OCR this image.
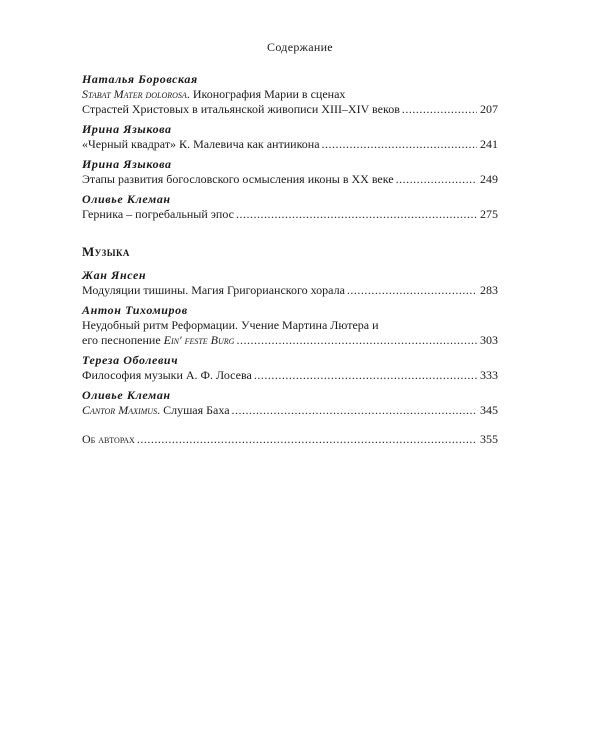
Содержание
Наталья Боровская
Stabat Mater dolorosa. Иконография Марии в сценах
Страстей Христовых в итальянской живописи XIII–XIV веков .....	207
Ирина Языкова
«Черный квадрат» К. Малевича как антиикона .....	241
Ирина Языкова
Этапы развития богословского осмысления иконы в XX веке .....	249
Оливье Клеман
Герника – погребальный эпос .....	275
Музыка
Жан Янсен
Модуляции тишины. Магия Григорианского хорала .....	283
Антон Тихомиров
Неудобный ритм Реформации. Учение Мартина Лютера и
его песнопение Ein' feste Burg .....	303
Тереза Оболевич
Философия музыки А. Ф. Лосева .....	333
Оливье Клеман
Cantor Maximus. Слушая Баха .....	345
Об авторах .....	355
